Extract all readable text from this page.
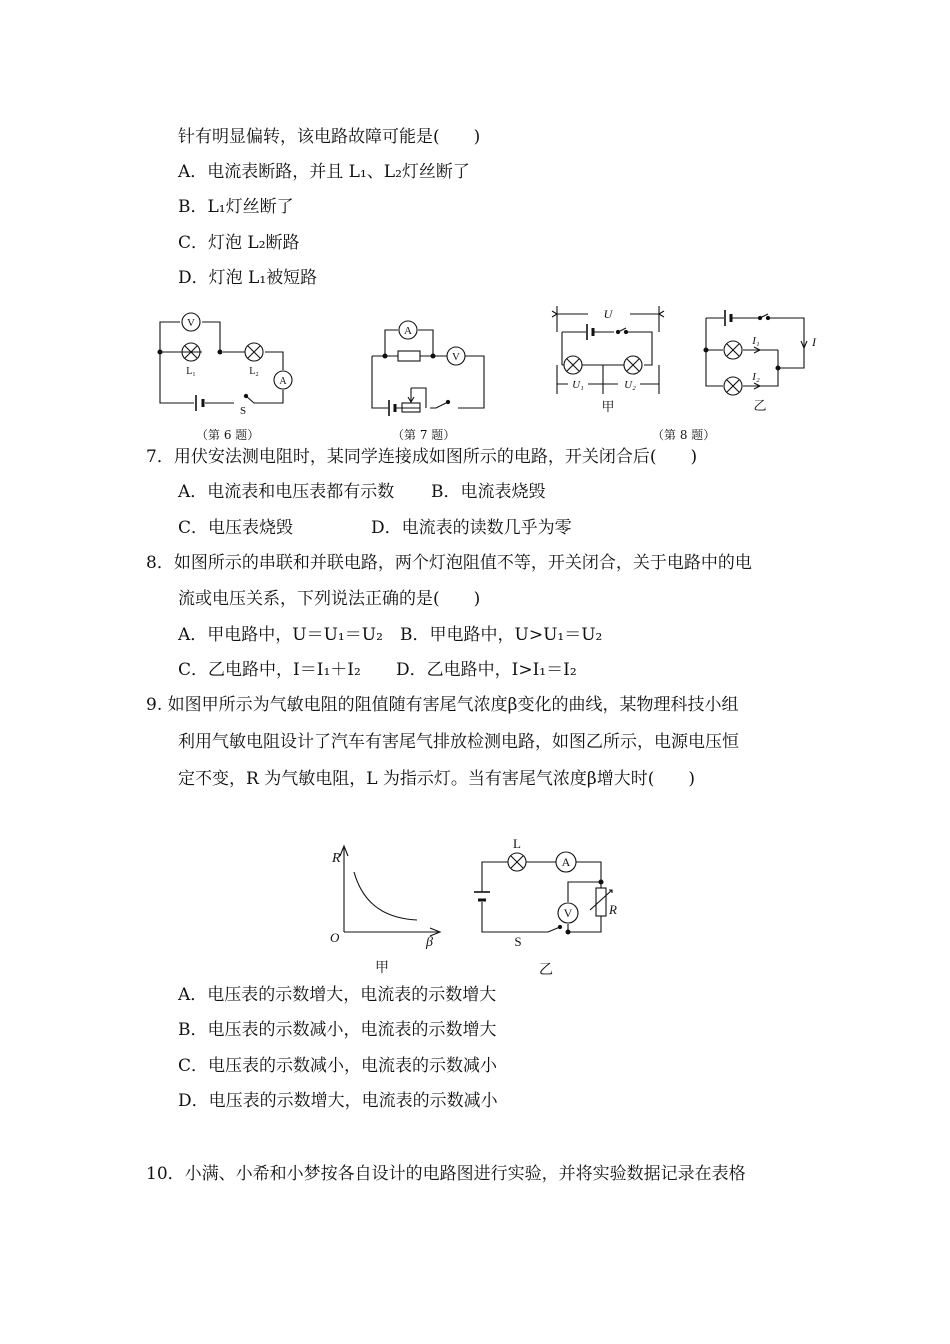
针有明显偏转，该电路故障可能是(　　)
A．电流表断路，并且 L₁、L₂灯丝断了
B．L₁灯丝断了
C．灯泡 L₂断路
D．灯泡 L₁被短路
V
A
L₁	L₂
S
A
V
U
U₁	U₂
甲
I
I₁
I₂
乙
（第 6 题）	（第 7 题）	（第 8 题）
7．用伏安法测电阻时，某同学连接成如图所示的电路，开关闭合后(　　)
A．电流表和电压表都有示数 B．电流表烧毁
C．电压表烧毁	D．电流表的读数几乎为零
8．如图所示的串联和并联电路，两个灯泡阻值不等，开关闭合，关于电路中的电
流或电压关系，下列说法正确的是(　　)
A．甲电路中，U＝U₁＝U₂ B．甲电路中，U>U₁＝U₂
C．乙电路中，I＝I₁＋I₂ D．乙电路中，I>I₁＝I₂
9. 如图甲所示为气敏电阻的阻值随有害尾气浓度β变化的曲线，某物理科技小组
利用气敏电阻设计了汽车有害尾气排放检测电路，如图乙所示，电源电压恒
定不变，R 为气敏电阻，L 为指示灯。当有害尾气浓度β增大时(　　)
R
β
O
甲
L
A
V	R
S
乙
A．电压表的示数增大，电流表的示数增大
B．电压表的示数减小，电流表的示数增大
C．电压表的示数减小，电流表的示数减小
D．电压表的示数增大，电流表的示数减小
10．小满、小希和小梦按各自设计的电路图进行实验，并将实验数据记录在表格
